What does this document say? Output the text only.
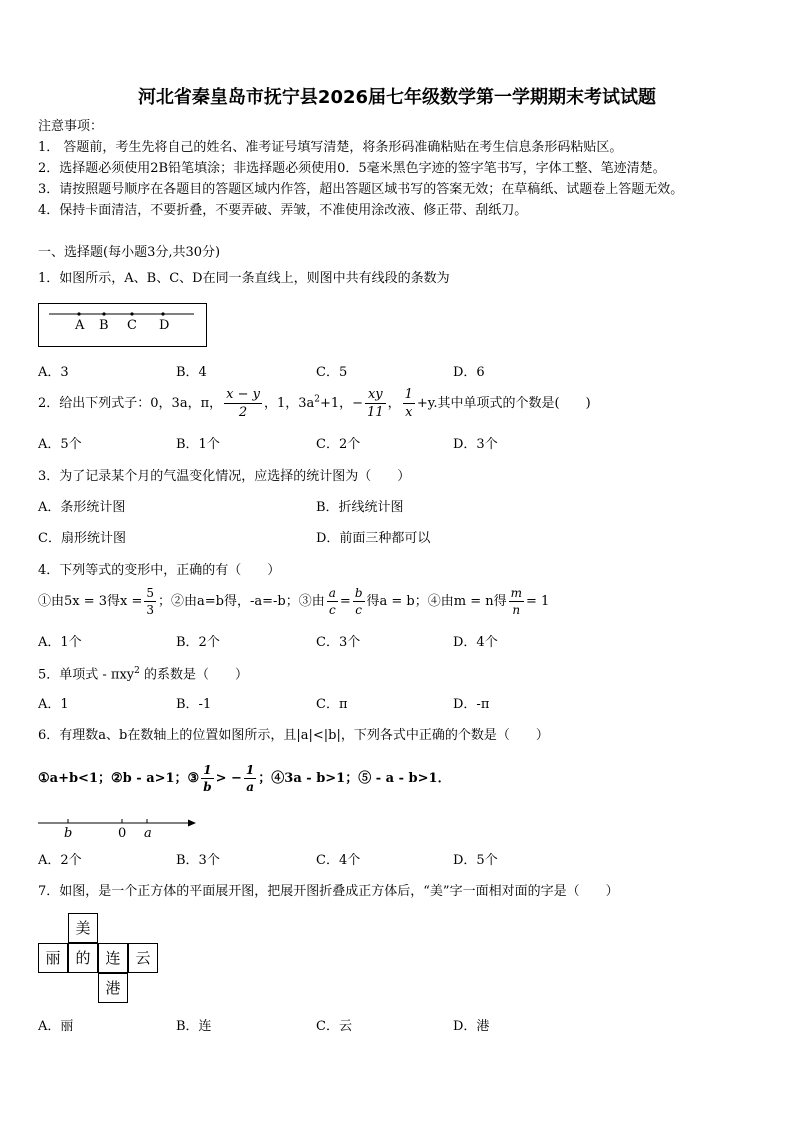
河北省秦皇岛市抚宁县2026届七年级数学第一学期期末考试试题
注意事项：
1． 答题前，考生先将自己的姓名、准考证号填写清楚，将条形码准确粘贴在考生信息条形码粘贴区。
2．选择题必须使用2B铅笔填涂；非选择题必须使用0．5毫米黑色字迹的签字笔书写，字体工整、笔迹清楚。
3．请按照题号顺序在各题目的答题区域内作答，超出答题区域书写的答案无效；在草稿纸、试题卷上答题无效。
4．保持卡面清洁，不要折叠，不要弄破、弄皱，不准使用涂改液、修正带、刮纸刀。
一、选择题(每小题3分,共30分)
1．如图所示，A、B、C、D在同一条直线上，则图中共有线段的条数为
A B C D
A．3	B．4	C．5	D．6
2．给出下列式子：0，3a，π， $\frac{x - y}{2}$ ，1，$3a^2+1$，− $\frac{xy}{11}$ ， $\frac{1}{x} +y$.其中单项式的个数是(　　)
A．5个	B．1个	C．2个	D．3个
3．为了记录某个月的气温变化情况，应选择的统计图为（　　）
A．条形统计图	B．折线统计图
C．扇形统计图	D．前面三种都可以
4．下列等式的变形中，正确的有（　　）
①由5x = 3得$x = \frac{5}{3}$ ；②由a=b得，-a=-b；③由 $\frac{a}{c} = \frac{b}{c}$ 得a = b；④由m = n得 $\frac{m}{n} = 1$
A．1个	B．2个	C．3个	D．4个
5．单项式 - πxy$^2$ 的系数是（　　）
A．1	B．-1	C．π	D．-π
6．有理数a、b在数轴上的位置如图所示，且|a|<|b|，下列各式中正确的个数是（　　）
①a+b<1；②b - a>1；③ $\frac{1}{b}$ > − $\frac{1}{a}$ ；④3a - b>1；⑤ - a - b>1．
b	0 a
A．2个	B．3个	C．4个	D．5个
7．如图，是一个正方体的平面展开图，把展开图折叠成正方体后，“美”字一面相对面的字是（　　）
美
丽 的 连 云
港
A．丽	B．连	C．云	D．港
